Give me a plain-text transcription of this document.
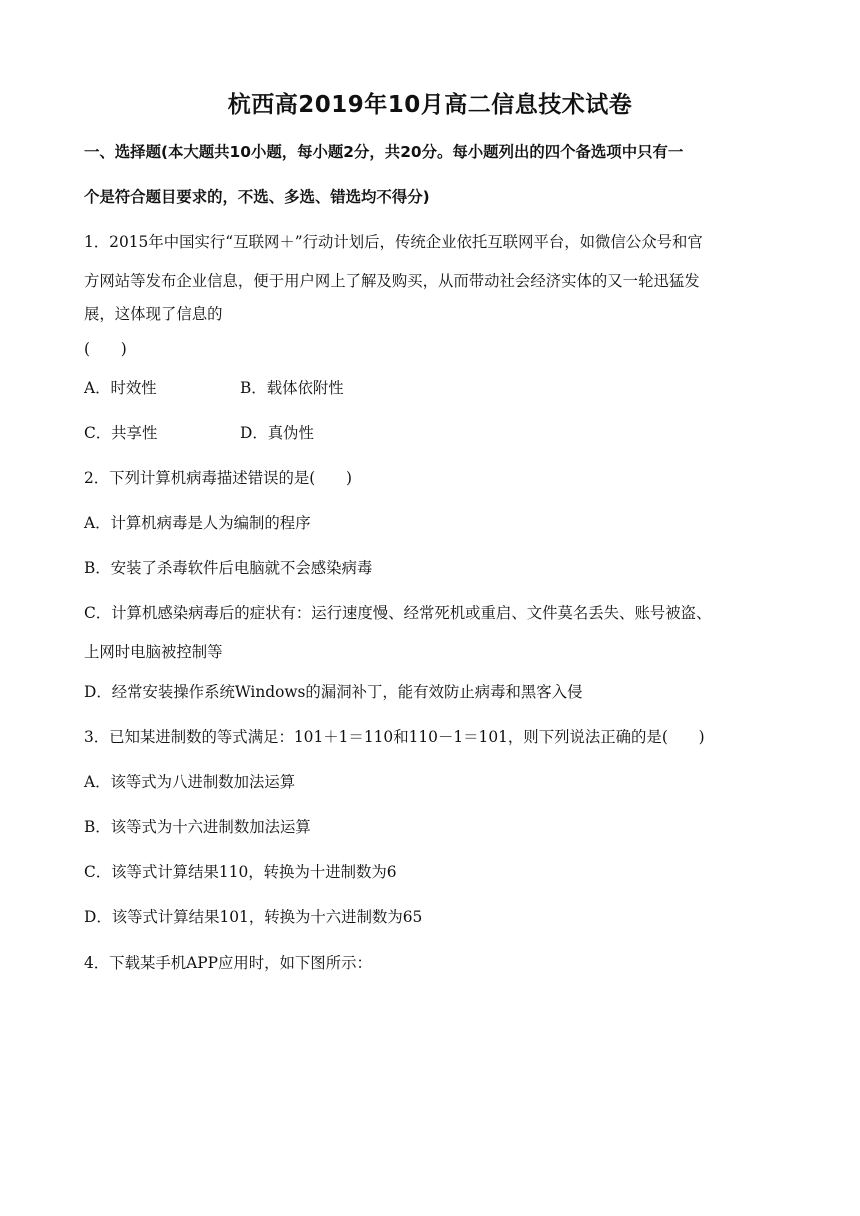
杭西高2019年10月高二信息技术试卷
一、选择题(本大题共10小题，每小题2分，共20分。每小题列出的四个备选项中只有一
个是符合题目要求的，不选、多选、错选均不得分)
1．2015年中国实行“互联网＋”行动计划后，传统企业依托互联网平台，如微信公众号和官
方网站等发布企业信息，便于用户网上了解及购买，从而带动社会经济实体的又一轮迅猛发
展，这体现了信息的
(　　)
A．时效性	B．载体依附性
C．共享性	D．真伪性
2．下列计算机病毒描述错误的是(　　)
A．计算机病毒是人为编制的程序
B．安装了杀毒软件后电脑就不会感染病毒
C．计算机感染病毒后的症状有：运行速度慢、经常死机或重启、文件莫名丢失、账号被盗、
上网时电脑被控制等
D．经常安装操作系统Windows的漏洞补丁，能有效防止病毒和黑客入侵
3．已知某进制数的等式满足：101＋1＝110和110－1＝101，则下列说法正确的是(　　)
A．该等式为八进制数加法运算
B．该等式为十六进制数加法运算
C．该等式计算结果110，转换为十进制数为6
D．该等式计算结果101，转换为十六进制数为65
4．下载某手机APP应用时，如下图所示：
